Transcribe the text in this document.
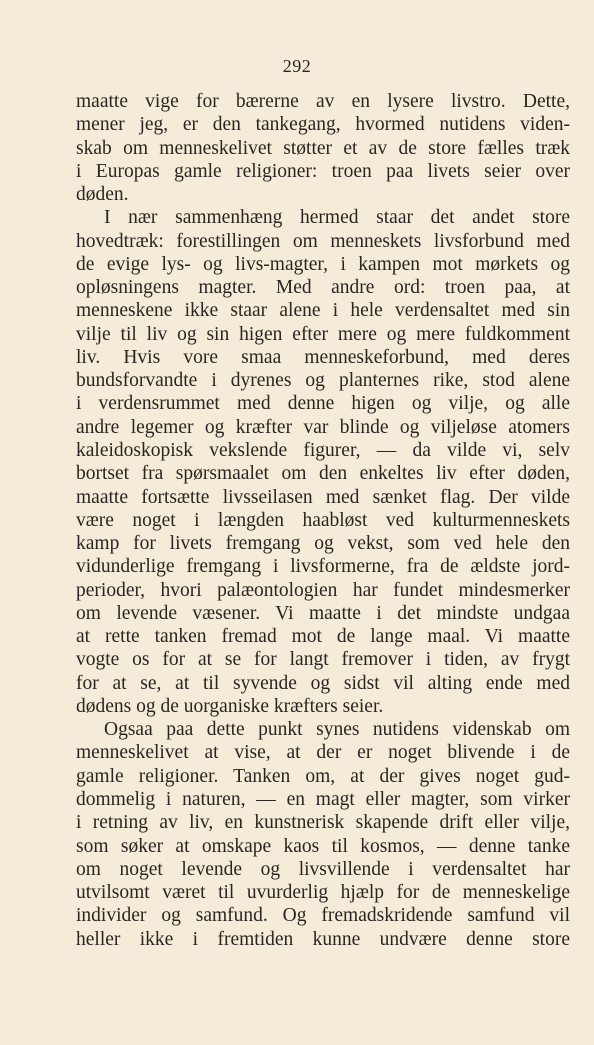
292
maatte vige for bærerne av en lysere livstro. Dette,
mener jeg, er den tankegang, hvormed nutidens viden-
skab om menneskelivet støtter et av de store fælles træk
i Europas gamle religioner: troen paa livets seier over
døden.
I nær sammenhæng hermed staar det andet store
hovedtræk: forestillingen om menneskets livsforbund med
de evige lys- og livs-magter, i kampen mot mørkets og
opløsningens magter. Med andre ord: troen paa, at
menneskene ikke staar alene i hele verdensaltet med sin
vilje til liv og sin higen efter mere og mere fuldkomment
liv. Hvis vore smaa menneskeforbund, med deres
bundsforvandte i dyrenes og planternes rike, stod alene
i verdensrummet med denne higen og vilje, og alle
andre legemer og kræfter var blinde og viljeløse atomers
kaleidoskopisk vekslende figurer, — da vilde vi, selv
bortset fra spørsmaalet om den enkeltes liv efter døden,
maatte fortsætte livsseilasen med sænket flag. Der vilde
være noget i længden haabløst ved kulturmenneskets
kamp for livets fremgang og vekst, som ved hele den
vidunderlige fremgang i livsformerne, fra de ældste jord-
perioder, hvori palæontologien har fundet mindesmerker
om levende væsener. Vi maatte i det mindste undgaa
at rette tanken fremad mot de lange maal. Vi maatte
vogte os for at se for langt fremover i tiden, av frygt
for at se, at til syvende og sidst vil alting ende med
dødens og de uorganiske kræfters seier.
Ogsaa paa dette punkt synes nutidens videnskab om
menneskelivet at vise, at der er noget blivende i de
gamle religioner. Tanken om, at der gives noget gud-
dommelig i naturen, — en magt eller magter, som virker
i retning av liv, en kunstnerisk skapende drift eller vilje,
som søker at omskape kaos til kosmos, — denne tanke
om noget levende og livsvillende i verdensaltet har
utvilsomt været til uvurderlig hjælp for de menneskelige
individer og samfund. Og fremadskridende samfund vil
heller ikke i fremtiden kunne undvære denne store
